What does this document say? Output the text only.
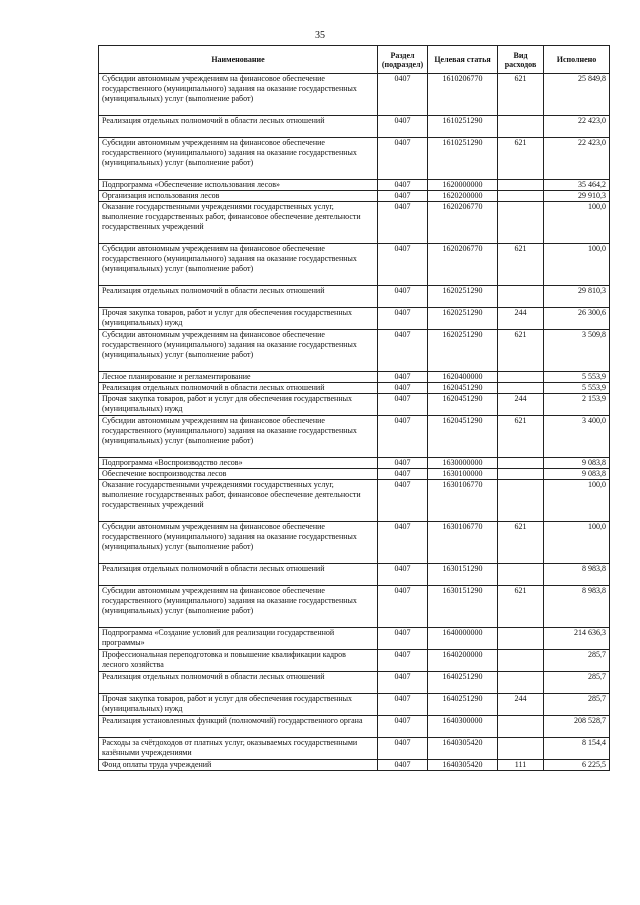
35
Наименование	Раздел (подраздел)	Целевая статья	Вид расходов	Исполнено
Субсидии автономным учреждениям на финансовое обеспечение государственного (муниципального) задания на оказание государственных (муниципальных) услуг (выполнение работ)	0407	1610206770	621	25 849,8
Реализация отдельных полномочий в области лесных отношений	0407	1610251290		22 423,0
Субсидии автономным учреждениям на финансовое обеспечение государственного (муниципального) задания на оказание государственных (муниципальных) услуг (выполнение работ)	0407	1610251290	621	22 423,0
Подпрограмма «Обеспечение использования лесов»	0407	1620000000		35 464,2
Организация использования лесов	0407	1620200000		29 910,3
Оказание государственными учреждениями государственных услуг, выполнение государственных работ, финансовое обеспечение деятельности государственных учреждений	0407	1620206770		100,0
Субсидии автономным учреждениям на финансовое обеспечение государственного (муниципального) задания на оказание государственных (муниципальных) услуг (выполнение работ)	0407	1620206770	621	100,0
Реализация отдельных полномочий в области лесных отношений	0407	1620251290		29 810,3
Прочая закупка товаров, работ и услуг для обеспечения государственных (муниципальных) нужд	0407	1620251290	244	26 300,6
Субсидии автономным учреждениям на финансовое обеспечение государственного (муниципального) задания на оказание государственных (муниципальных) услуг (выполнение работ)	0407	1620251290	621	3 509,8
Лесное планирование и регламентирование	0407	1620400000		5 553,9
Реализация отдельных полномочий в области лесных отношений	0407	1620451290		5 553,9
Прочая закупка товаров, работ и услуг для обеспечения государственных (муниципальных) нужд	0407	1620451290	244	2 153,9
Субсидии автономным учреждениям на финансовое обеспечение государственного (муниципального) задания на оказание государственных (муниципальных) услуг (выполнение работ)	0407	1620451290	621	3 400,0
Подпрограмма «Воспроизводство лесов»	0407	1630000000		9 083,8
Обеспечение воспроизводства лесов	0407	1630100000		9 083,8
Оказание государственными учреждениями государственных услуг, выполнение государственных работ, финансовое обеспечение деятельности государственных учреждений	0407	1630106770		100,0
Субсидии автономным учреждениям на финансовое обеспечение государственного (муниципального) задания на оказание государственных (муниципальных) услуг (выполнение работ)	0407	1630106770	621	100,0
Реализация отдельных полномочий в области лесных отношений	0407	1630151290		8 983,8
Субсидии автономным учреждениям на финансовое обеспечение государственного (муниципального) задания на оказание государственных (муниципальных) услуг (выполнение работ)	0407	1630151290	621	8 983,8
Подпрограмма «Создание условий для реализации государственной программы»	0407	1640000000		214 636,3
Профессиональная переподготовка и повышение квалификации кадров лесного хозяйства	0407	1640200000		285,7
Реализация отдельных полномочий в области лесных отношений	0407	1640251290		285,7
Прочая закупка товаров, работ и услуг для обеспечения государственных (муниципальных) нужд	0407	1640251290	244	285,7
Реализация установленных функций (полномочий) государственного органа	0407	1640300000		208 528,7
Расходы за счётдоходов от платных услуг, оказываемых государственными казёнными учреждениями	0407	1640305420		8 154,4
Фонд оплаты труда учреждений	0407	1640305420	111	6 225,5
